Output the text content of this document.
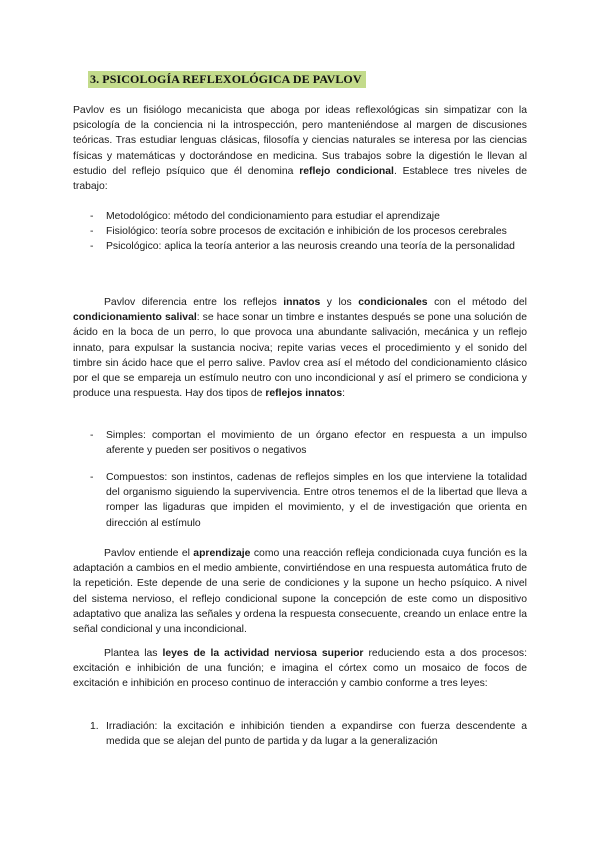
3. PSICOLOGÍA REFLEXOLÓGICA DE PAVLOV

Pavlov es un fisiólogo mecanicista que aboga por ideas reflexológicas sin simpatizar con la psicología de la conciencia ni la introspección, pero manteniéndose al margen de discusiones teóricas. Tras estudiar lenguas clásicas, filosofía y ciencias naturales se interesa por las ciencias físicas y matemáticas y doctorándose en medicina. Sus trabajos sobre la digestión le llevan al estudio del reflejo psíquico que él denomina reflejo condicional. Establece tres niveles de trabajo:

- Metodológico: método del condicionamiento para estudiar el aprendizaje
- Fisiológico: teoría sobre procesos de excitación e inhibición de los procesos cerebrales
- Psicológico: aplica la teoría anterior a las neurosis creando una teoría de la personalidad

Pavlov diferencia entre los reflejos innatos y los condicionales con el método del condicionamiento salival: se hace sonar un timbre e instantes después se pone una solución de ácido en la boca de un perro, lo que provoca una abundante salivación, mecánica y un reflejo innato, para expulsar la sustancia nociva; repite varias veces el procedimiento y el sonido del timbre sin ácido hace que el perro salive. Pavlov crea así el método del condicionamiento clásico por el que se empareja un estímulo neutro con uno incondicional y así el primero se condiciona y produce una respuesta. Hay dos tipos de reflejos innatos:

- Simples: comportan el movimiento de un órgano efector en respuesta a un impulso aferente y pueden ser positivos o negativos
- Compuestos: son instintos, cadenas de reflejos simples en los que interviene la totalidad del organismo siguiendo la supervivencia. Entre otros tenemos el de la libertad que lleva a romper las ligaduras que impiden el movimiento, y el de investigación que orienta en dirección al estímulo

Pavlov entiende el aprendizaje como una reacción refleja condicionada cuya función es la adaptación a cambios en el medio ambiente, convirtiéndose en una respuesta automática fruto de la repetición. Este depende de una serie de condiciones y la supone un hecho psíquico. A nivel del sistema nervioso, el reflejo condicional supone la concepción de este como un dispositivo adaptativo que analiza las señales y ordena la respuesta consecuente, creando un enlace entre la señal condicional y una incondicional.

Plantea las leyes de la actividad nerviosa superior reduciendo esta a dos procesos: excitación e inhibición de una función; e imagina el córtex como un mosaico de focos de excitación e inhibición en proceso continuo de interacción y cambio conforme a tres leyes:

1. Irradiación: la excitación e inhibición tienden a expandirse con fuerza descendente a medida que se alejan del punto de partida y da lugar a la generalización
